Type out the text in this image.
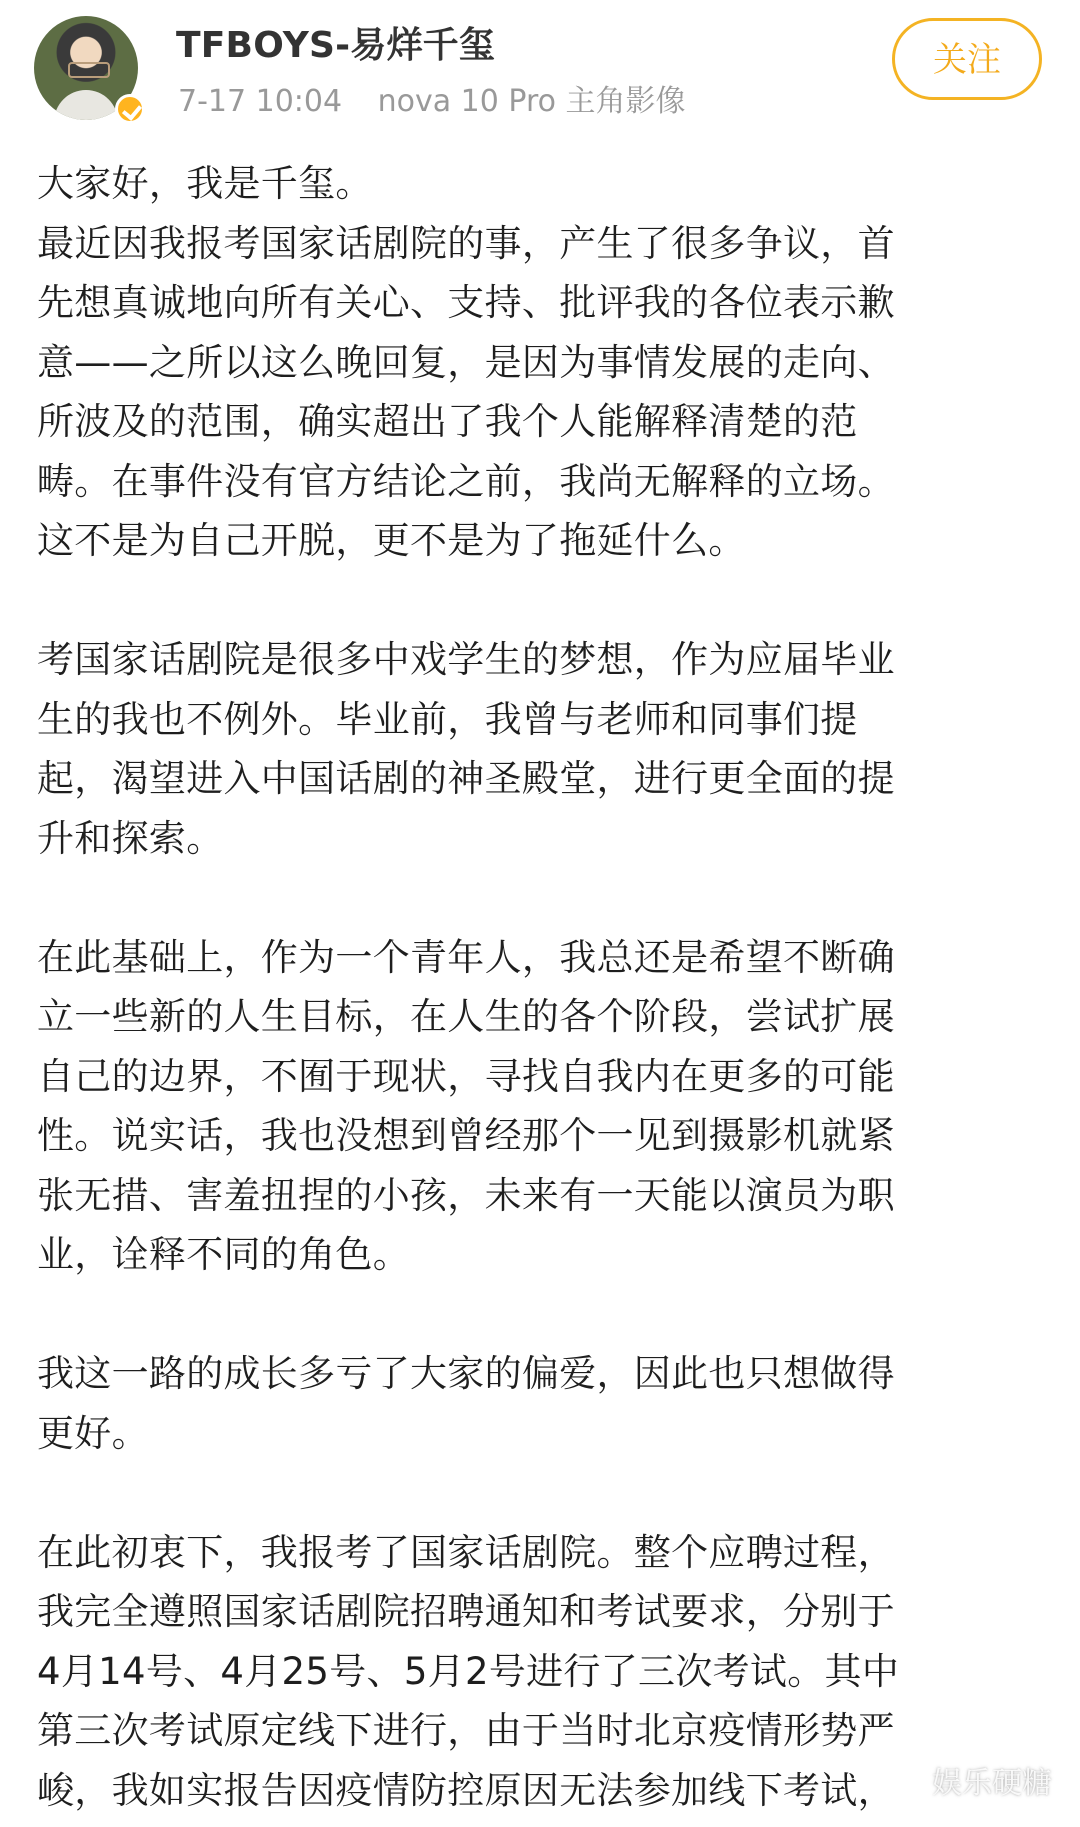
TFBOYS-易烊千玺
7-17 10:04 nova 10 Pro 主角影像
关注
大家好，我是千玺。
最近因我报考国家话剧院的事，产生了很多争议，首
先想真诚地向所有关心、支持、批评我的各位表示歉
意——之所以这么晚回复，是因为事情发展的走向、
所波及的范围，确实超出了我个人能解释清楚的范
畴。在事件没有官方结论之前，我尚无解释的立场。
这不是为自己开脱，更不是为了拖延什么。
考国家话剧院是很多中戏学生的梦想，作为应届毕业
生的我也不例外。毕业前，我曾与老师和同事们提
起，渴望进入中国话剧的神圣殿堂，进行更全面的提
升和探索。
在此基础上，作为一个青年人，我总还是希望不断确
立一些新的人生目标，在人生的各个阶段，尝试扩展
自己的边界，不囿于现状，寻找自我内在更多的可能
性。说实话，我也没想到曾经那个一见到摄影机就紧
张无措、害羞扭捏的小孩，未来有一天能以演员为职
业，诠释不同的角色。
我这一路的成长多亏了大家的偏爱，因此也只想做得
更好。
在此初衷下，我报考了国家话剧院。整个应聘过程，
我完全遵照国家话剧院招聘通知和考试要求，分别于
4月14号、4月25号、5月2号进行了三次考试。其中
第三次考试原定线下进行，由于当时北京疫情形势严
峻，我如实报告因疫情防控原因无法参加线下考试，	娱乐硬糖
